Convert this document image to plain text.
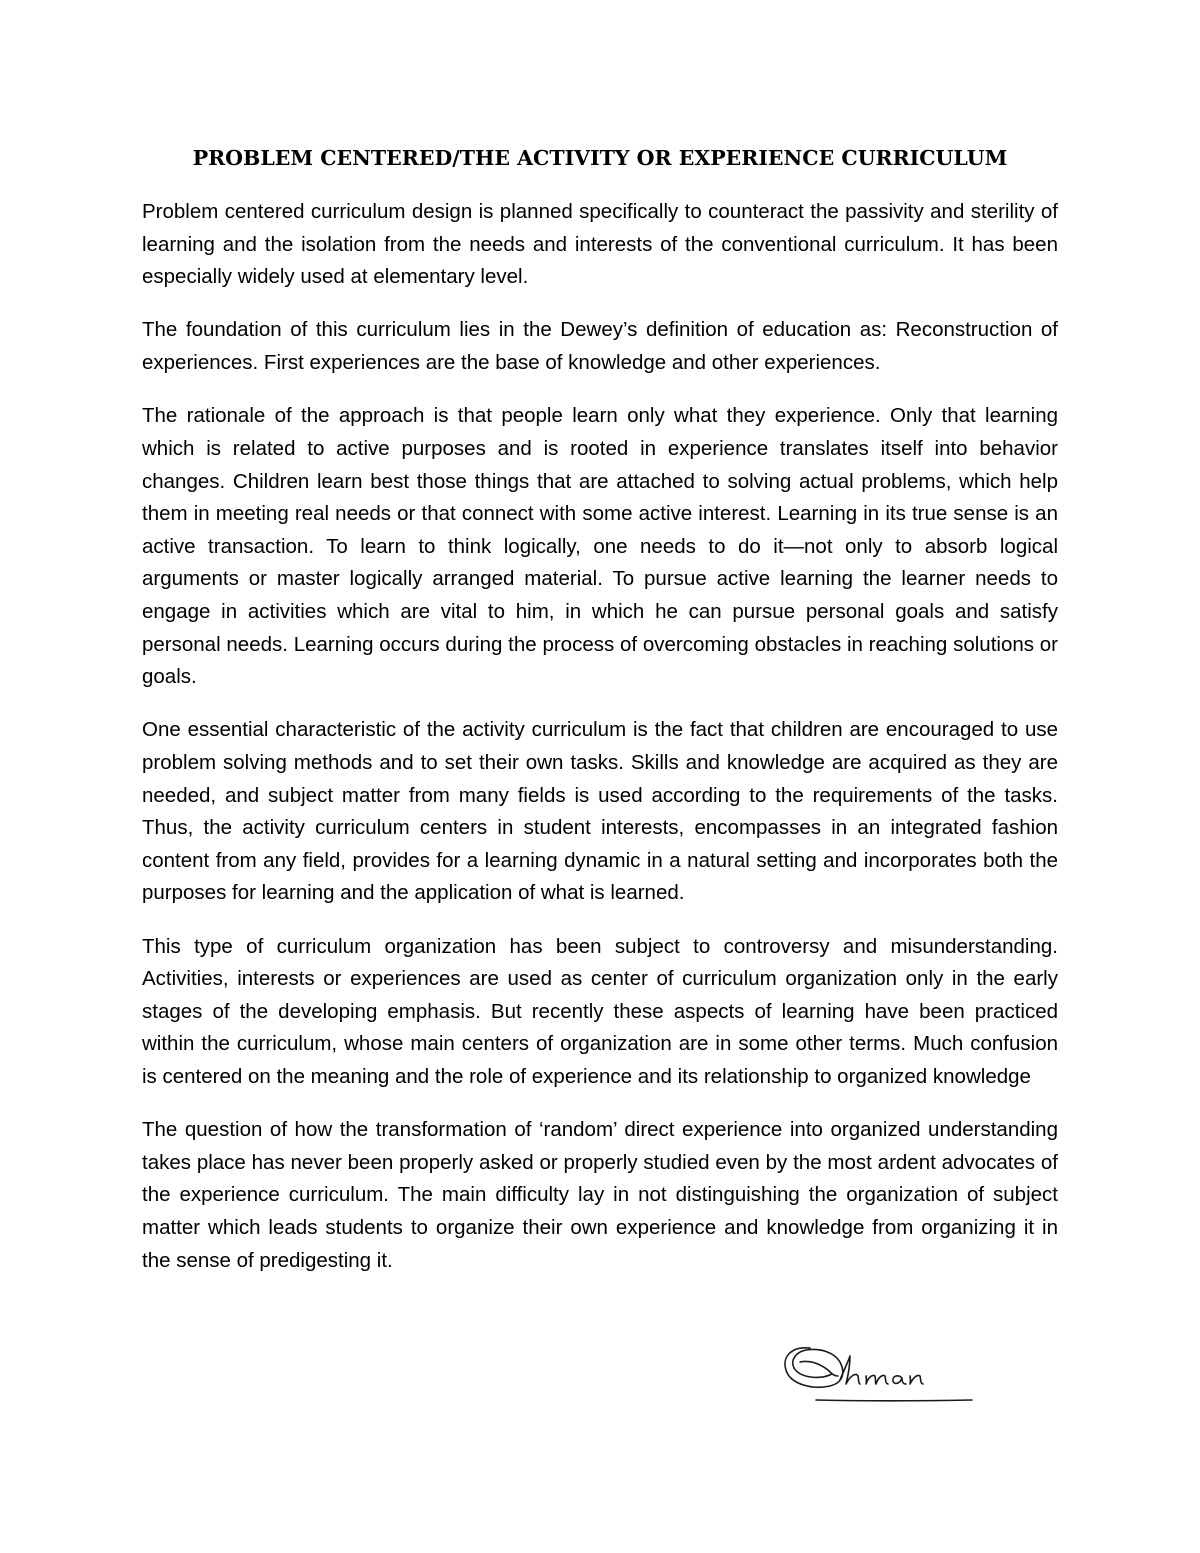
PROBLEM CENTERED/THE ACTIVITY OR EXPERIENCE CURRICULUM

Problem centered curriculum design is planned specifically to counteract the passivity and sterility of learning and the isolation from the needs and interests of the conventional curriculum. It has been especially widely used at elementary level.

The foundation of this curriculum lies in the Dewey’s definition of education as: Reconstruction of experiences. First experiences are the base of knowledge and other experiences.

The rationale of the approach is that people learn only what they experience. Only that learning which is related to active purposes and is rooted in experience translates itself into behavior changes. Children learn best those things that are attached to solving actual problems, which help them in meeting real needs or that connect with some active interest. Learning in its true sense is an active transaction. To learn to think logically, one needs to do it—not only to absorb logical arguments or master logically arranged material. To pursue active learning the learner needs to engage in activities which are vital to him, in which he can pursue personal goals and satisfy personal needs. Learning occurs during the process of overcoming obstacles in reaching solutions or goals.

One essential characteristic of the activity curriculum is the fact that children are encouraged to use problem solving methods and to set their own tasks. Skills and knowledge are acquired as they are needed, and subject matter from many fields is used according to the requirements of the tasks. Thus, the activity curriculum centers in student interests, encompasses in an integrated fashion content from any field, provides for a learning dynamic in a natural setting and incorporates both the purposes for learning and the application of what is learned.

This type of curriculum organization has been subject to controversy and misunderstanding. Activities, interests or experiences are used as center of curriculum organization only in the early stages of the developing emphasis. But recently these aspects of learning have been practiced within the curriculum, whose main centers of organization are in some other terms. Much confusion is centered on the meaning and the role of experience and its relationship to organized knowledge

The question of how the transformation of ‘random’ direct experience into organized understanding takes place has never been properly asked or properly studied even by the most ardent advocates of the experience curriculum. The main difficulty lay in not distinguishing the organization of subject matter which leads students to organize their own experience and knowledge from organizing it in the sense of predigesting it.
